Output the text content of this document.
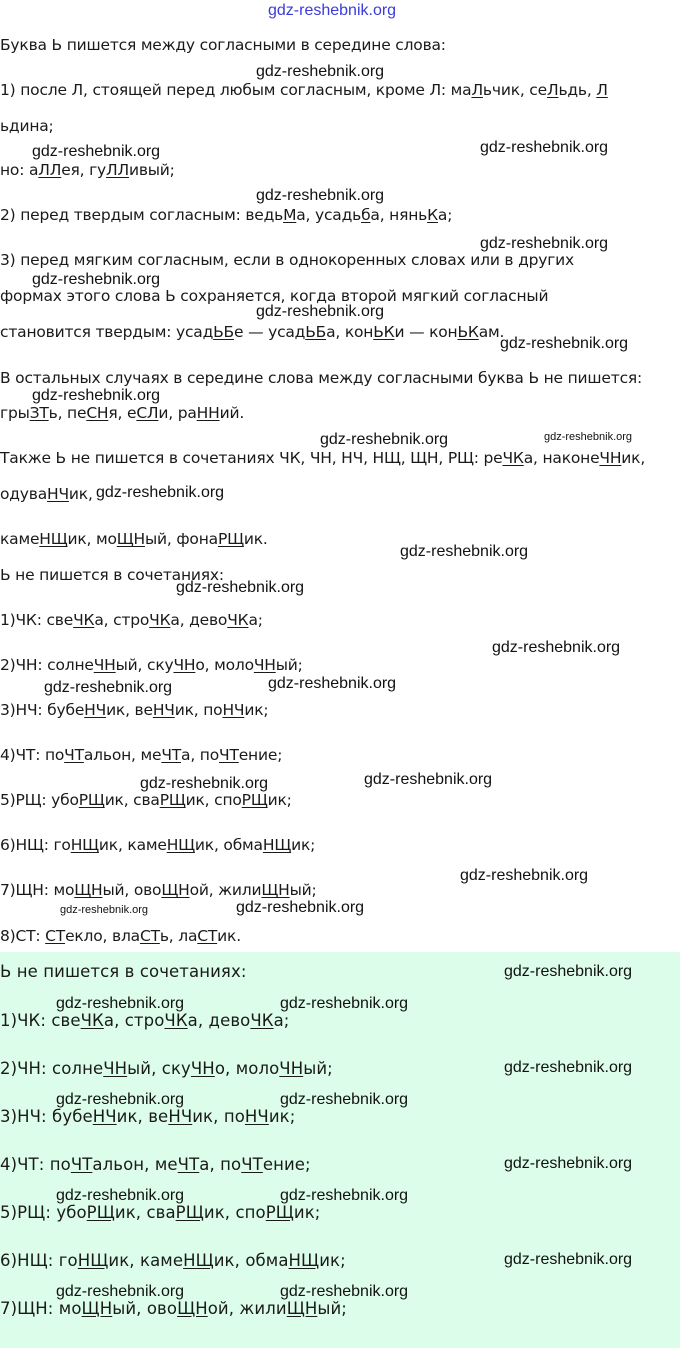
gdz-reshebnik.org
Буква Ь пишется между согласными в середине слова:
1) после Л, стоящей перед любым согласным, кроме Л: маЛьчик, сеЛьдь, Л
ьдина;
но: аЛЛея, гуЛЛивый;
2) перед твердым согласным: ведьМа, усадьба, няньКа;
3) перед мягким согласным, если в однокоренных словах или в других
формах этого слова Ь сохраняется, когда второй мягкий согласный
становится твердым: усадЬБе — усадЬБа, конЬКи — конЬКам.
В остальных случаях в середине слова между согласными буква Ь не пишется:
грыЗТь, пеСНя, еСЛи, раННий.
Также Ь не пишется в сочетаниях ЧК, ЧН, НЧ, НЩ, ЩН, РЩ: реЧКа, наконеЧНик,
одуваНЧик,
камеНЩик, моЩНый, фонаРЩик.
Ь не пишется в сочетаниях:
1)ЧК: свеЧКа, строЧКа, девоЧКа;
2)ЧН: солнеЧНый, скуЧНо, молоЧНый;
3)НЧ: бубеНЧик, веНЧик, поНЧик;
4)ЧТ: поЧТальон, меЧТа, поЧТение;
5)РЩ: убоРЩик, сваРЩик, споРЩик;
6)НЩ: гоНЩик, камеНЩик, обмаНЩик;
7)ЩН: моЩНый, овоЩНой, жилиЩНый;
8)СТ: СТекло, влаСТь, лаСТик.
Ь не пишется в сочетаниях:
1)ЧК: свеЧКа, строЧКа, девоЧКа;
2)ЧН: солнеЧНый, скуЧНо, молоЧНый;
3)НЧ: бубеНЧик, веНЧик, поНЧик;
4)ЧТ: поЧТальон, меЧТа, поЧТение;
5)РЩ: убоРЩик, сваРЩик, споРЩик;
6)НЩ: гоНЩик, камеНЩик, обмаНЩик;
7)ЩН: моЩНый, овоЩНой, жилиЩНый;
gdz-reshebnik.org
gdz-reshebnik.org	gdz-reshebnik.org
gdz-reshebnik.org
gdz-reshebnik.org
gdz-reshebnik.org
gdz-reshebnik.org
gdz-reshebnik.org
gdz-reshebnik.org
gdz-reshebnik.org	gdz-reshebnik.org
gdz-reshebnik.org
gdz-reshebnik.org
gdz-reshebnik.org
gdz-reshebnik.org
gdz-reshebnik.org	gdz-reshebnik.org
gdz-reshebnik.org	gdz-reshebnik.org
gdz-reshebnik.org
gdz-reshebnik.org	gdz-reshebnik.org
gdz-reshebnik.org
gdz-reshebnik.org	gdz-reshebnik.org
gdz-reshebnik.org
gdz-reshebnik.org	gdz-reshebnik.org
gdz-reshebnik.org
gdz-reshebnik.org	gdz-reshebnik.org
gdz-reshebnik.org
gdz-reshebnik.org	gdz-reshebnik.org
